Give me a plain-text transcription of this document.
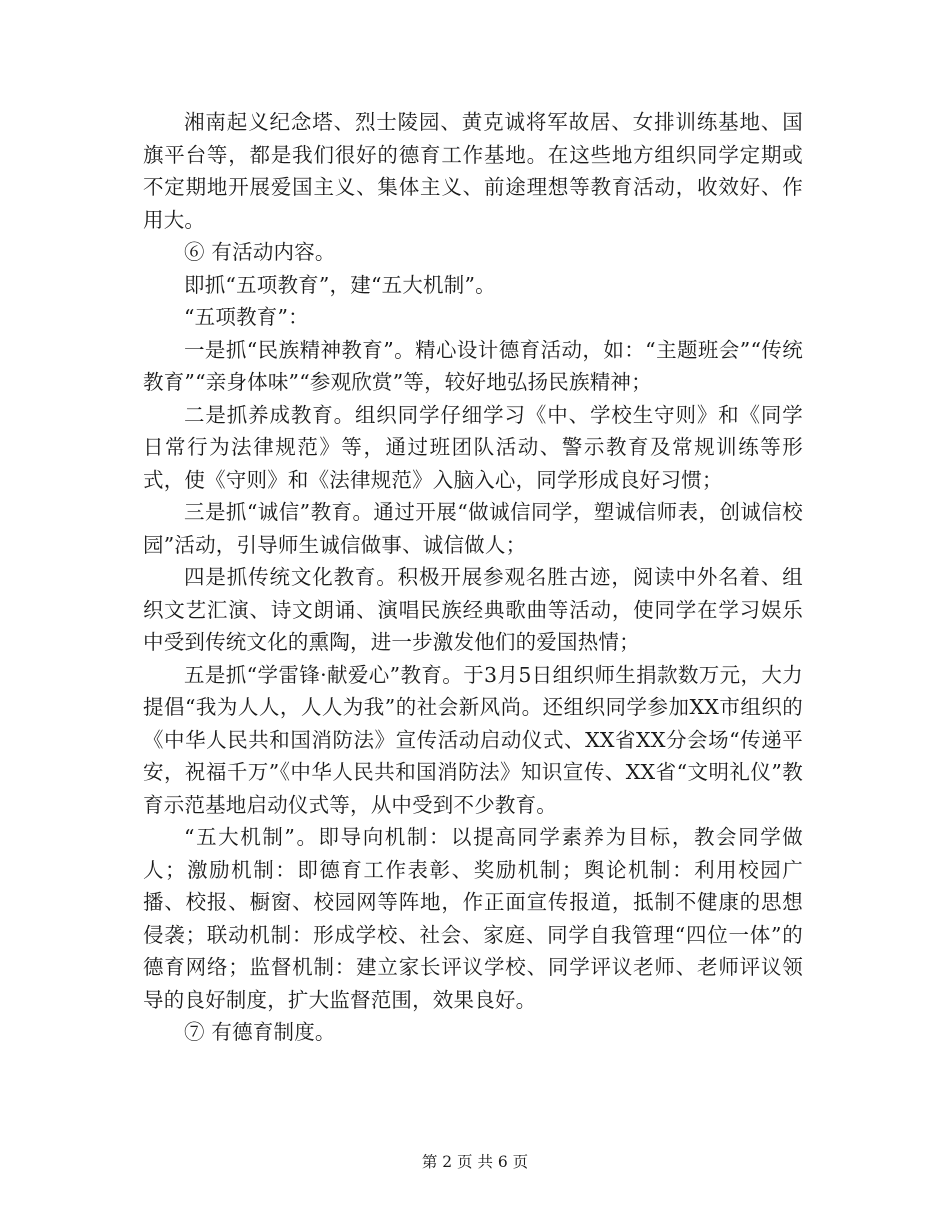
湘南起义纪念塔、烈士陵园、黄克诚将军故居、女排训练基地、国旗平台等，都是我们很好的德育工作基地。在这些地方组织同学定期或不定期地开展爱国主义、集体主义、前途理想等教育活动，收效好、作用大。

⑥ 有活动内容。

即抓“五项教育”，建“五大机制”。

“五项教育”：

一是抓“民族精神教育”。精心设计德育活动，如：“主题班会”“传统教育”“亲身体味”“参观欣赏”等，较好地弘扬民族精神；

二是抓养成教育。组织同学仔细学习《中、学校生守则》和《同学日常行为法律规范》等，通过班团队活动、警示教育及常规训练等形式，使《守则》和《法律规范》入脑入心，同学形成良好习惯；

三是抓“诚信”教育。通过开展“做诚信同学，塑诚信师表，创诚信校园”活动，引导师生诚信做事、诚信做人；

四是抓传统文化教育。积极开展参观名胜古迹，阅读中外名着、组织文艺汇演、诗文朗诵、演唱民族经典歌曲等活动，使同学在学习娱乐中受到传统文化的熏陶，进一步激发他们的爱国热情；

五是抓“学雷锋·献爱心”教育。于3月5日组织师生捐款数万元，大力提倡“我为人人，人人为我”的社会新风尚。还组织同学参加XX市组织的《中华人民共和国消防法》宣传活动启动仪式、XX省XX分会场“传递平安，祝福千万”《中华人民共和国消防法》知识宣传、XX省“文明礼仪”教育示范基地启动仪式等，从中受到不少教育。

“五大机制”。即导向机制：以提高同学素养为目标，教会同学做人；激励机制：即德育工作表彰、奖励机制；舆论机制：利用校园广播、校报、橱窗、校园网等阵地，作正面宣传报道，抵制不健康的思想侵袭；联动机制：形成学校、社会、家庭、同学自我管理“四位一体”的德育网络；监督机制：建立家长评议学校、同学评议老师、老师评议领导的良好制度，扩大监督范围，效果良好。

⑦ 有德育制度。

第 2 页 共 6 页
